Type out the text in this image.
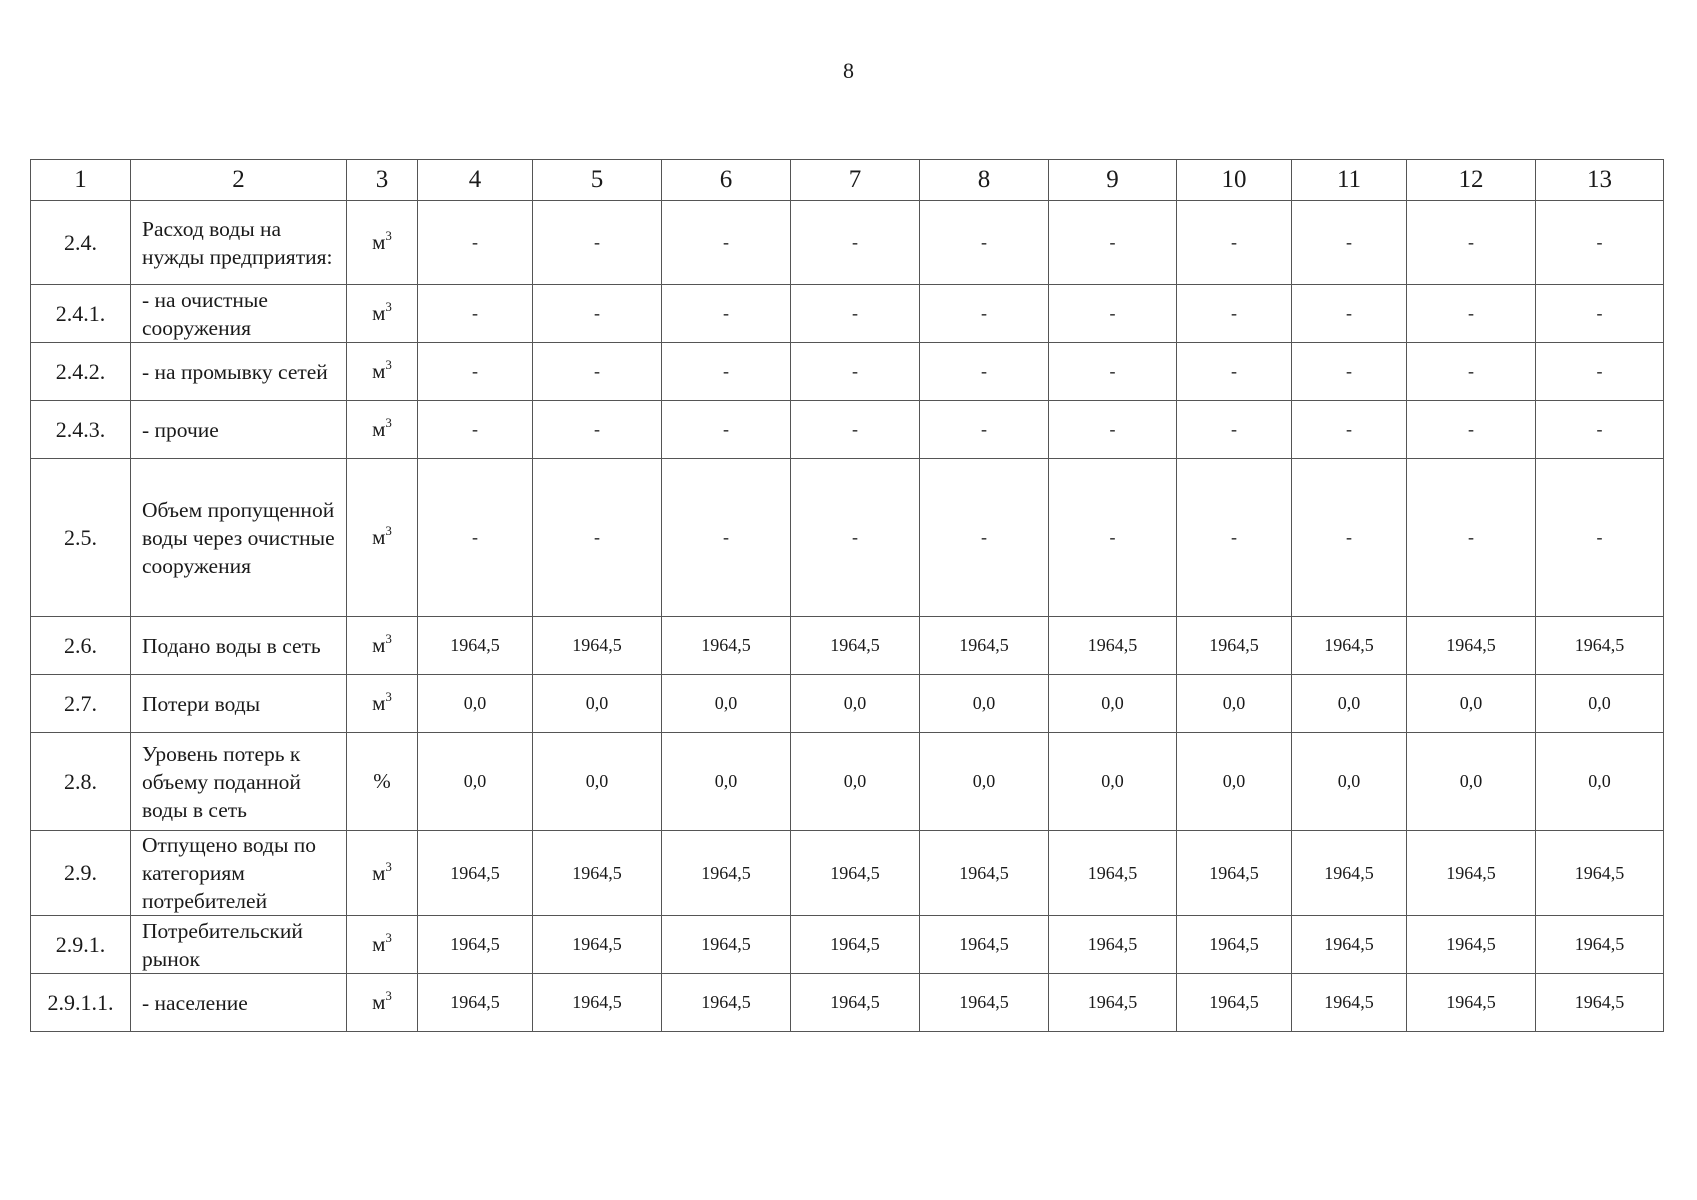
8
1	2	3	4	5	6	7	8	9	10	11	12	13
2.4.	Расход воды на нужды предприятия:	$м^3$	-	-	-	-	-	-	-	-	-	-
2.4.1.	- на очистные сооружения	$м^3$	-	-	-	-	-	-	-	-	-	-
2.4.2.	- на промывку сетей	$м^3$	-	-	-	-	-	-	-	-	-	-
2.4.3.	- прочие	$м^3$	-	-	-	-	-	-	-	-	-	-
2.5.	Объем пропущенной воды через очистные сооружения	$м^3$	-	-	-	-	-	-	-	-	-	-
2.6.	Подано воды в сеть	$м^3$	1964,5	1964,5	1964,5	1964,5	1964,5	1964,5	1964,5	1964,5	1964,5	1964,5
2.7.	Потери воды	$м^3$	0,0	0,0	0,0	0,0	0,0	0,0	0,0	0,0	0,0	0,0
2.8.	Уровень потерь к объему поданной воды в сеть	%	0,0	0,0	0,0	0,0	0,0	0,0	0,0	0,0	0,0	0,0
2.9.	Отпущено воды по категориям потребителей	$м^3$	1964,5	1964,5	1964,5	1964,5	1964,5	1964,5	1964,5	1964,5	1964,5	1964,5
2.9.1.	Потребительский рынок	$м^3$	1964,5	1964,5	1964,5	1964,5	1964,5	1964,5	1964,5	1964,5	1964,5	1964,5
2.9.1.1.	- население	$м^3$	1964,5	1964,5	1964,5	1964,5	1964,5	1964,5	1964,5	1964,5	1964,5	1964,5
